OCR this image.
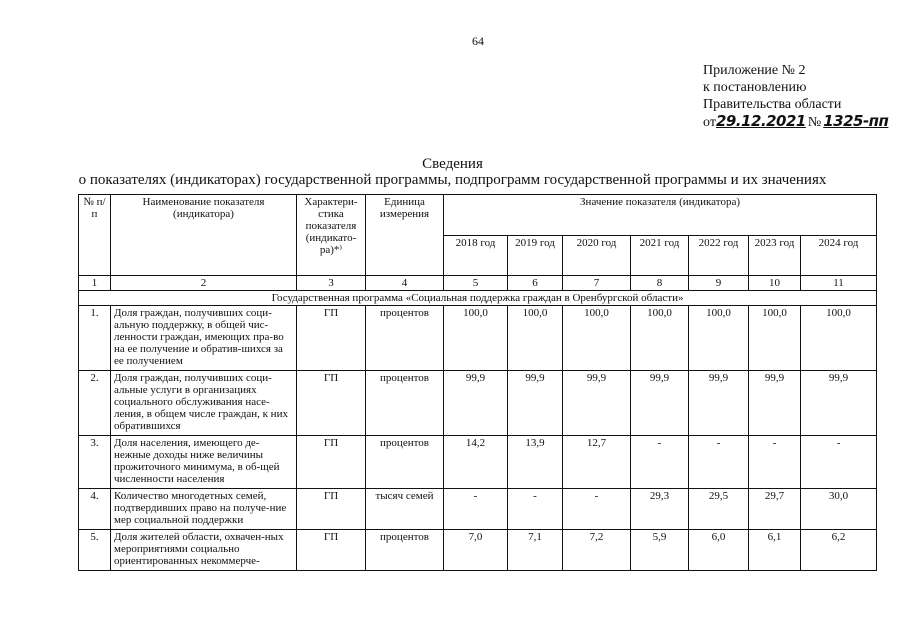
64
Приложение № 2
к постановлению
Правительства области
от 29.12.2021 № 1325-пп
Сведения
о показателях (индикаторах) государственной программы, подпрограмм государственной программы и их значениях
№ п/п	Наименование показателя (индикатора)	Характери-стика показателя (индикато-ра)*⁾	Единица измерения	Значение показателя (индикатора)						
				2018 год	2019 год	2020 год	2021 год	2022 год	2023 год	2024 год
1	2	3	4	5	6	7	8	9	10	11
Государственная программа «Социальная поддержка граждан в Оренбургской области»										
1.	Доля граждан, получивших соци-альную поддержку, в общей чис-ленности граждан, имеющих пра-во на ее получение и обратив-шихся за ее получением	ГП	процентов	100,0	100,0	100,0	100,0	100,0	100,0	100,0
2.	Доля граждан, получивших соци-альные услуги в организациях социального обслуживания насе-ления, в общем числе граждан, к них обратившихся	ГП	процентов	99,9	99,9	99,9	99,9	99,9	99,9	99,9
3.	Доля населения, имеющего де-нежные доходы ниже величины прожиточного минимума, в об-щей численности населения	ГП	процентов	14,2	13,9	12,7	-	-	-	-
4.	Количество многодетных семей, подтвердивших право на получе-ние мер социальной поддержки	ГП	тысяч семей	-	-	-	29,3	29,5	29,7	30,0
5.	Доля жителей области, охвачен-ных мероприятиями социально ориентированных некоммерче-	ГП	процентов	7,0	7,1	7,2	5,9	6,0	6,1	6,2
